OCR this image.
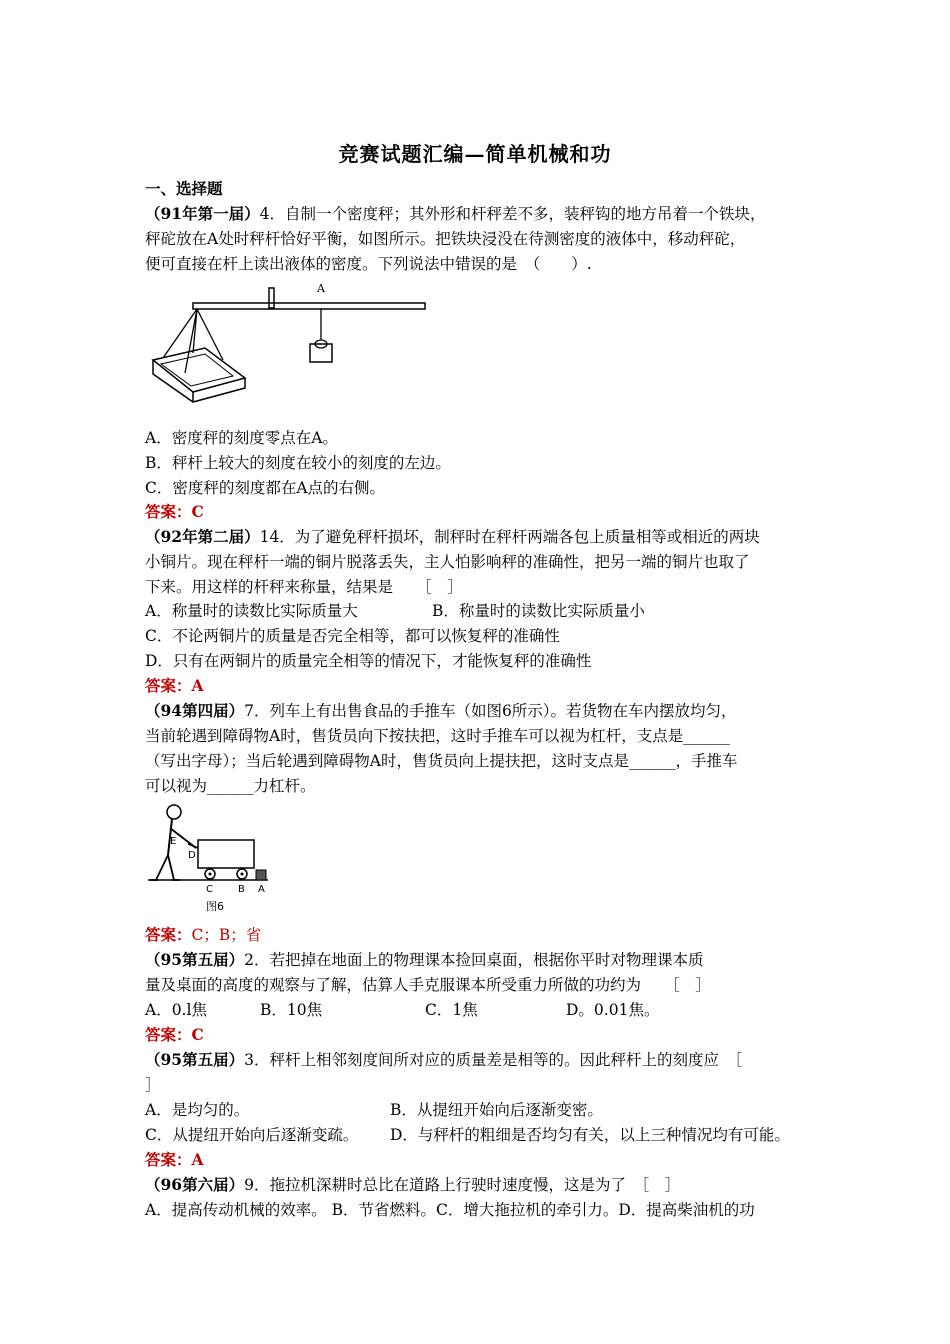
竞赛试题汇编—简单机械和功
一、选择题
（91年第一届）4．自制一个密度秤；其外形和杆秤差不多，装秤钩的地方吊着一个铁块，
秤砣放在A处时秤杆恰好平衡，如图所示。把铁块浸没在待测密度的液体中，移动秤砣，
便可直接在杆上读出液体的密度。下列说法中错误的是　（　　）.
A
A．密度秤的刻度零点在A。
B．秤杆上较大的刻度在较小的刻度的左边。
C．密度秤的刻度都在A点的右侧。
答案：C
（92年第二届）14．为了避免秤杆损坏，制秤时在秤杆两端各包上质量相等或相近的两块
小铜片。现在秤杆一端的铜片脱落丢失，主人怕影响秤的准确性，把另一端的铜片也取了
下来。用这样的杆秤来称量，结果是　　［　］
A．称量时的读数比实际质量大	B．称量时的读数比实际质量小
C．不论两铜片的质量是否完全相等，都可以恢复秤的准确性
D．只有在两铜片的质量完全相等的情况下，才能恢复秤的准确性
答案：A
（94第四届）7．列车上有出售食品的手推车（如图6所示）。若货物在车内摆放均匀，
当前轮遇到障碍物A时，售货员向下按扶把，这时手推车可以视为杠杆，支点是______
（写出字母）；当后轮遇到障碍物A时，售货员向上提扶把，这时支点是______，手推车
可以视为______力杠杆。
E
D
C	B A
图6
答案：C；B；省
（95第五届）2．若把掉在地面上的物理课本捡回桌面，根据你平时对物理课本质
量及桌面的高度的观察与了解，估算人手克服课本所受重力所做的功约为　　［　］
A．0.l焦	B．10焦	C．1焦	D。0.01焦。
答案：C
（95第五届）3．秤杆上相邻刻度间所对应的质量差是相等的。因此秤杆上的刻度应　［
］
A．是均匀的。	B．从提纽开始向后逐渐变密。
C．从提纽开始向后逐渐变疏。 D．与秤杆的粗细是否均匀有关，以上三种情况均有可能。
答案：A
（96第六届）9．拖拉机深耕时总比在道路上行驶时速度慢，这是为了　［　］
A．提高传动机械的效率。 B．节省燃料。C．增大拖拉机的牵引力。D．提高柴油机的功
